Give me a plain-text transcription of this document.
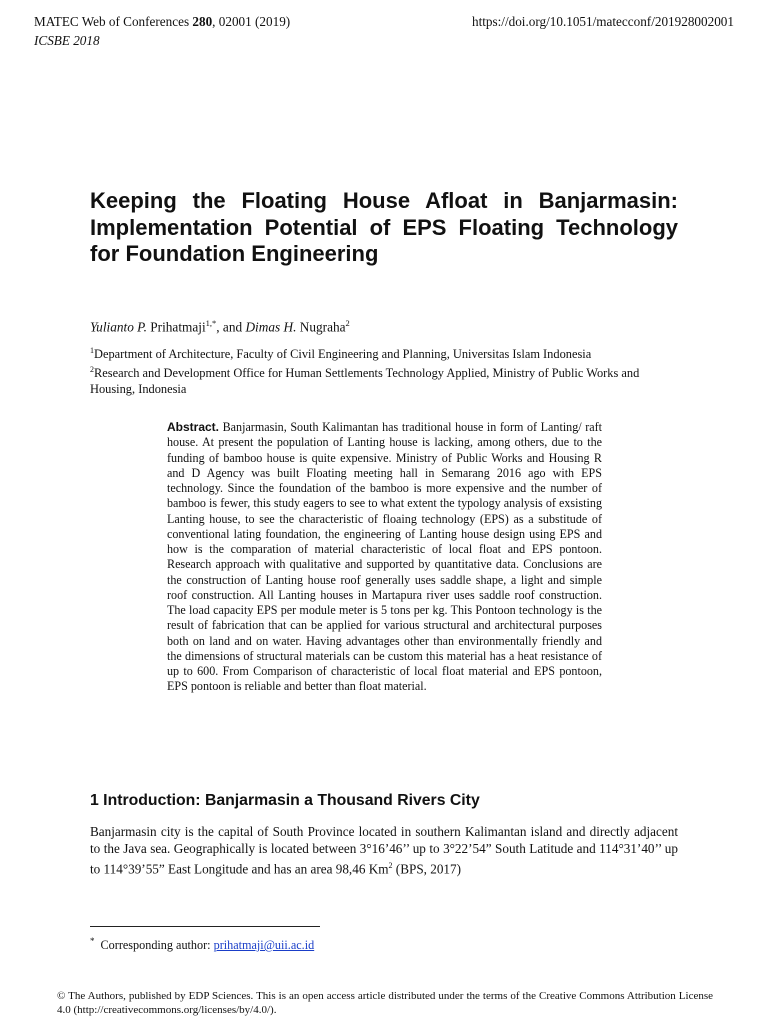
MATEC Web of Conferences 280, 02001 (2019)
ICSBE 2018
https://doi.org/10.1051/matecconf/201928002001
Keeping the Floating House Afloat in Banjarmasin: Implementation Potential of EPS Floating Technology for Foundation Engineering
Yulianto P. Prihatmaji$^{1,*}$, and Dimas H. Nugraha$^2$
$^1$Department of Architecture, Faculty of Civil Engineering and Planning, Universitas Islam Indonesia
$^2$Research and Development Office for Human Settlements Technology Applied, Ministry of Public Works and Housing, Indonesia
Abstract. Banjarmasin, South Kalimantan has traditional house in form of Lanting/ raft house. At present the population of Lanting house is lacking, among others, due to the funding of bamboo house is quite expensive. Ministry of Public Works and Housing R and D Agency was built Floating meeting hall in Semarang 2016 ago with EPS technology. Since the foundation of the bamboo is more expensive and the number of bamboo is fewer, this study eagers to see to what extent the typology analysis of exsisting Lanting house, to see the characteristic of floaing technology (EPS) as a substitude of conventional lating foundation, the engineering of Lanting house design using EPS and how is the comparation of material characteristic of local float and EPS pontoon. Research approach with qualitative and supported by quantitative data. Conclusions are the construction of Lanting house roof generally uses saddle shape, a light and simple roof construction. All Lanting houses in Martapura river uses saddle roof construction. The load capacity EPS per module meter is 5 tons per kg. This Pontoon technology is the result of fabrication that can be applied for various structural and architectural purposes both on land and on water. Having advantages other than environmentally friendly and the dimensions of structural materials can be custom this material has a heat resistance of up to 600. From Comparison of characteristic of local float material and EPS pontoon, EPS pontoon is reliable and better than float material.
1 Introduction: Banjarmasin a Thousand Rivers City

Banjarmasin city is the capital of South Province located in southern Kalimantan island and directly adjacent to the Java sea. Geographically is located between 3°16’46’’ up to 3°22’54” South Latitude and 114°31’40’’ up to 114°39’55” East Longitude and has an area 98,46 Km$^2$ (BPS, 2017)

* Corresponding author: prihatmaji@uii.ac.id
© The Authors, published by EDP Sciences. This is an open access article distributed under the terms of the Creative Commons Attribution License 4.0 (http://creativecommons.org/licenses/by/4.0/).
